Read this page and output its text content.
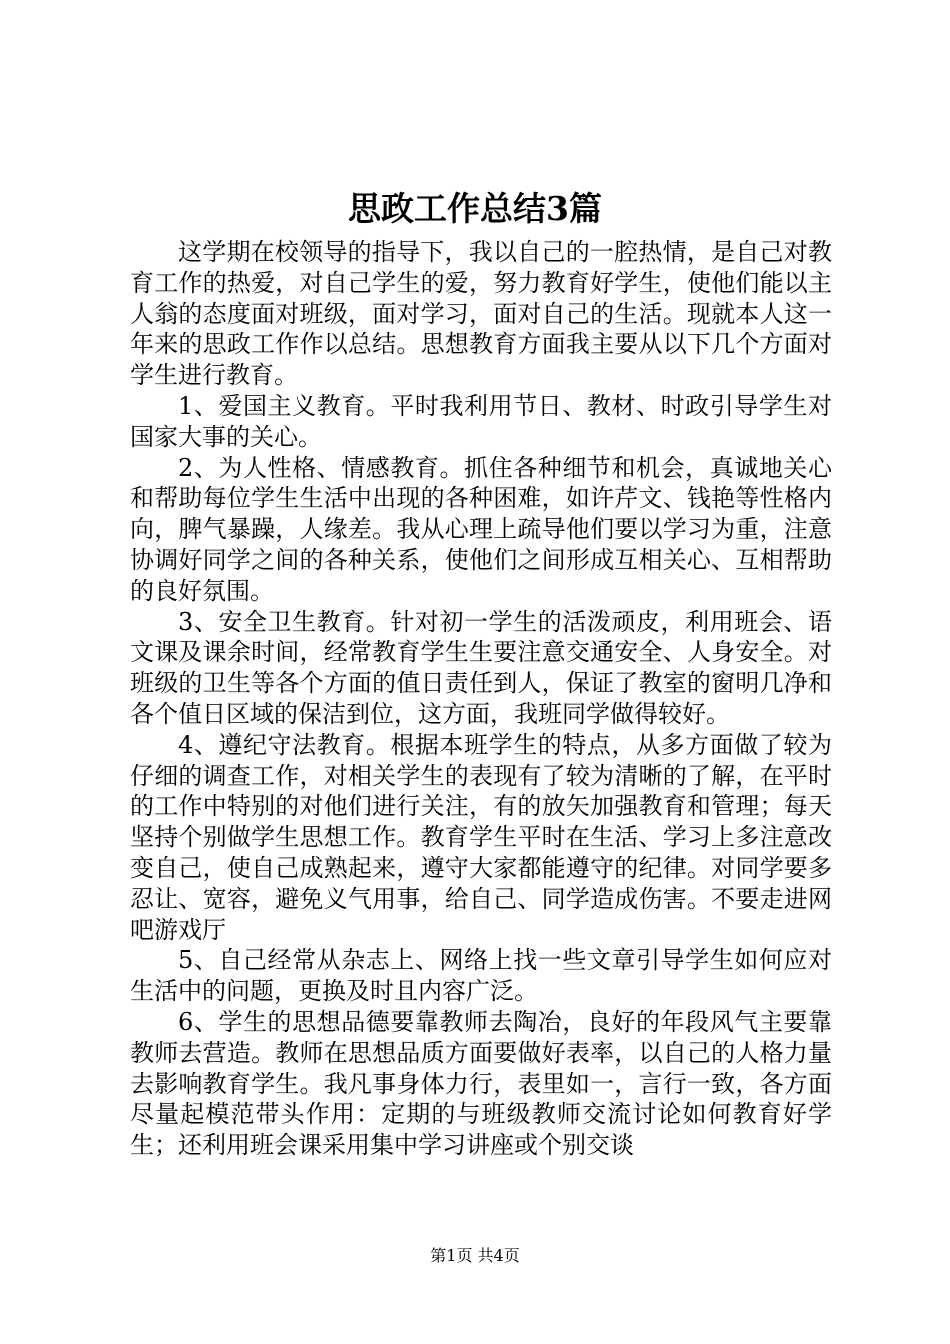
思政工作总结3篇

这学期在校领导的指导下，我以自己的一腔热情，是自己对教育工作的热爱，对自己学生的爱，努力教育好学生，使他们能以主人翁的态度面对班级，面对学习，面对自己的生活。现就本人这一年来的思政工作作以总结。思想教育方面我主要从以下几个方面对学生进行教育。

1、爱国主义教育。平时我利用节日、教材、时政引导学生对国家大事的关心。

2、为人性格、情感教育。抓住各种细节和机会，真诚地关心和帮助每位学生生活中出现的各种困难，如许芹文、钱艳等性格内向，脾气暴躁，人缘差。我从心理上疏导他们要以学习为重，注意协调好同学之间的各种关系，使他们之间形成互相关心、互相帮助的良好氛围。

3、安全卫生教育。针对初一学生的活泼顽皮，利用班会、语文课及课余时间，经常教育学生生要注意交通安全、人身安全。对班级的卫生等各个方面的值日责任到人，保证了教室的窗明几净和各个值日区域的保洁到位，这方面，我班同学做得较好。

4、遵纪守法教育。根据本班学生的特点，从多方面做了较为仔细的调查工作，对相关学生的表现有了较为清晰的了解，在平时的工作中特别的对他们进行关注，有的放矢加强教育和管理；每天坚持个别做学生思想工作。教育学生平时在生活、学习上多注意改变自己，使自己成熟起来，遵守大家都能遵守的纪律。对同学要多忍让、宽容，避免义气用事，给自己、同学造成伤害。不要走进网吧游戏厅

5、自己经常从杂志上、网络上找一些文章引导学生如何应对生活中的问题，更换及时且内容广泛。

6、学生的思想品德要靠教师去陶冶，良好的年段风气主要靠教师去营造。教师在思想品质方面要做好表率，以自己的人格力量去影响教育学生。我凡事身体力行，表里如一，言行一致，各方面尽量起模范带头作用：定期的与班级教师交流讨论如何教育好学生；还利用班会课采用集中学习讲座或个别交谈

第1页 共4页
